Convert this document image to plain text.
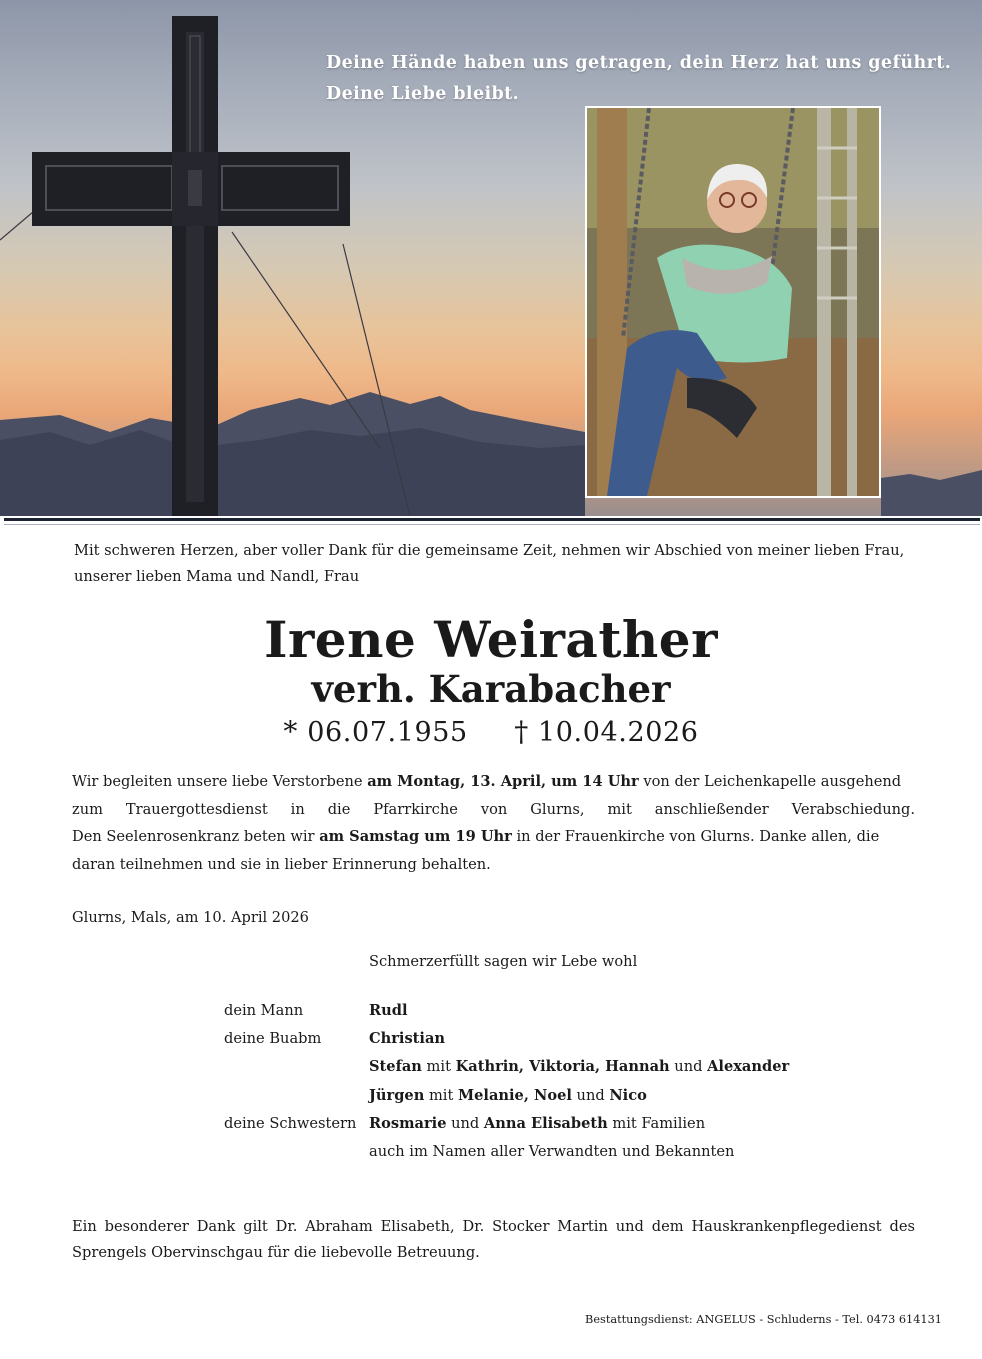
Deine Hände haben uns getragen, dein Herz hat uns geführt.
Deine Liebe bleibt.
Mit schweren Herzen, aber voller Dank für die gemeinsame Zeit, nehmen wir Abschied von meiner lieben Frau,
unserer lieben Mama und Nandl, Frau
Irene Weirather
verh. Karabacher
* 06.07.1955 † 10.04.2026
Wir begleiten unsere liebe Verstorbene am Montag, 13. April, um 14 Uhr von der Leichenkapelle ausgehend
zum Trauergottesdienst in die Pfarrkirche von Glurns, mit anschließender Verabschiedung.
Den Seelenrosenkranz beten wir am Samstag um 19 Uhr in der Frauenkirche von Glurns. Danke allen, die
daran teilnehmen und sie in lieber Erinnerung behalten.
Glurns, Mals, am 10. April 2026
Schmerzerfüllt sagen wir Lebe wohl
dein Mann	Rudl
deine Buabm	Christian
Stefan mit Kathrin, Viktoria, Hannah und Alexander
Jürgen mit Melanie, Noel und Nico
deine Schwestern Rosmarie und Anna Elisabeth mit Familien
auch im Namen aller Verwandten und Bekannten
Ein besonderer Dank gilt Dr. Abraham Elisabeth, Dr. Stocker Martin und dem Hauskrankenpflegedienst des
Sprengels Obervinschgau für die liebevolle Betreuung.
Bestattungsdienst: ANGELUS - Schluderns - Tel. 0473 614131
